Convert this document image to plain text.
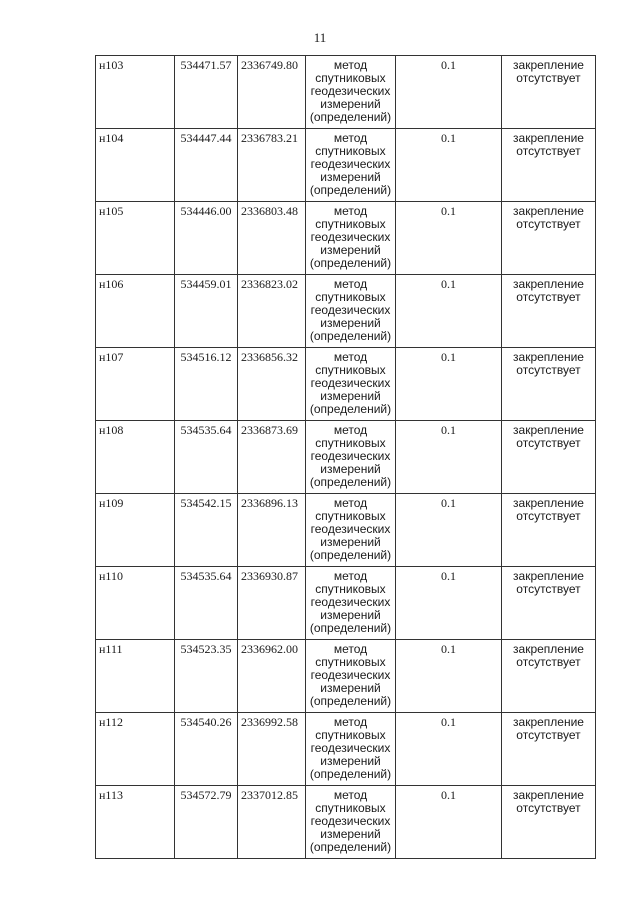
11
н103	534471.57	2336749.80	метод
спутниковых
геодезических
измерений
(определений)	0.1	закрепление
отсутствует

н104	534447.44	2336783.21	метод
спутниковых
геодезических
измерений
(определений)	0.1	закрепление
отсутствует

н105	534446.00	2336803.48	метод
спутниковых
геодезических
измерений
(определений)	0.1	закрепление
отсутствует

н106	534459.01	2336823.02	метод
спутниковых
геодезических
измерений
(определений)	0.1	закрепление
отсутствует

н107	534516.12	2336856.32	метод
спутниковых
геодезических
измерений
(определений)	0.1	закрепление
отсутствует

н108	534535.64	2336873.69	метод
спутниковых
геодезических
измерений
(определений)	0.1	закрепление
отсутствует

н109	534542.15	2336896.13	метод
спутниковых
геодезических
измерений
(определений)	0.1	закрепление
отсутствует

н110	534535.64	2336930.87	метод
спутниковых
геодезических
измерений
(определений)	0.1	закрепление
отсутствует

н111	534523.35	2336962.00	метод
спутниковых
геодезических
измерений
(определений)	0.1	закрепление
отсутствует

н112	534540.26	2336992.58	метод
спутниковых
геодезических
измерений
(определений)	0.1	закрепление
отсутствует

н113	534572.79	2337012.85	метод
спутниковых
геодезических
измерений
(определений)	0.1	закрепление
отсутствует
